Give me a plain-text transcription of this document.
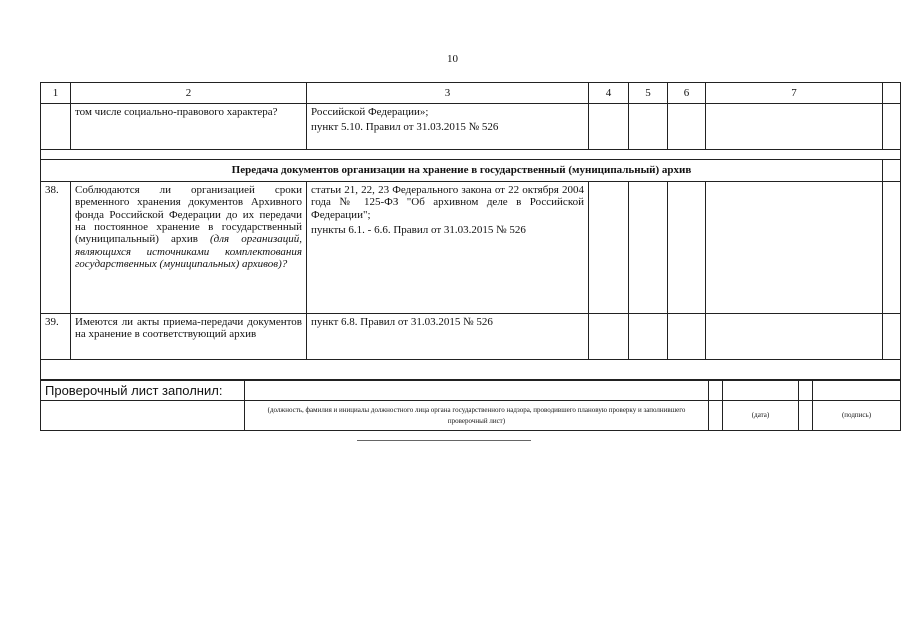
10
1	2	3	4	5	6	7	
	том числе социально-правового характера?	Российской Федерации»;
пункт 5.10. Правил от 31.03.2015 № 526					

Передача документов организации на хранение в государственный (муниципальный) архив							
38.	Соблюдаются ли организацией сроки временного хранения документов Архивного фонда Российской Федерации до их передачи на постоянное хранение в государственный (муниципальный) архив (для организаций, являющихся источниками комплектования государственных (муниципальных) архивов)?	статьи 21, 22, 23 Федерального закона от 22 октября 2004 года № 125-ФЗ "Об архивном деле в Российской Федерации";
пункты 6.1. - 6.6. Правил от 31.03.2015 № 526					

39.	Имеются ли акты приема-передачи документов на хранение в соответствующий архив	пункт 6.8. Правил от 31.03.2015 № 526					

Проверочный лист заполнил:					
	(должность, фамилия и инициалы должностного лица органа государственного надзора, проводившего плановую проверку и заполнившего проверочный лист)		(дата)		(подпись)
